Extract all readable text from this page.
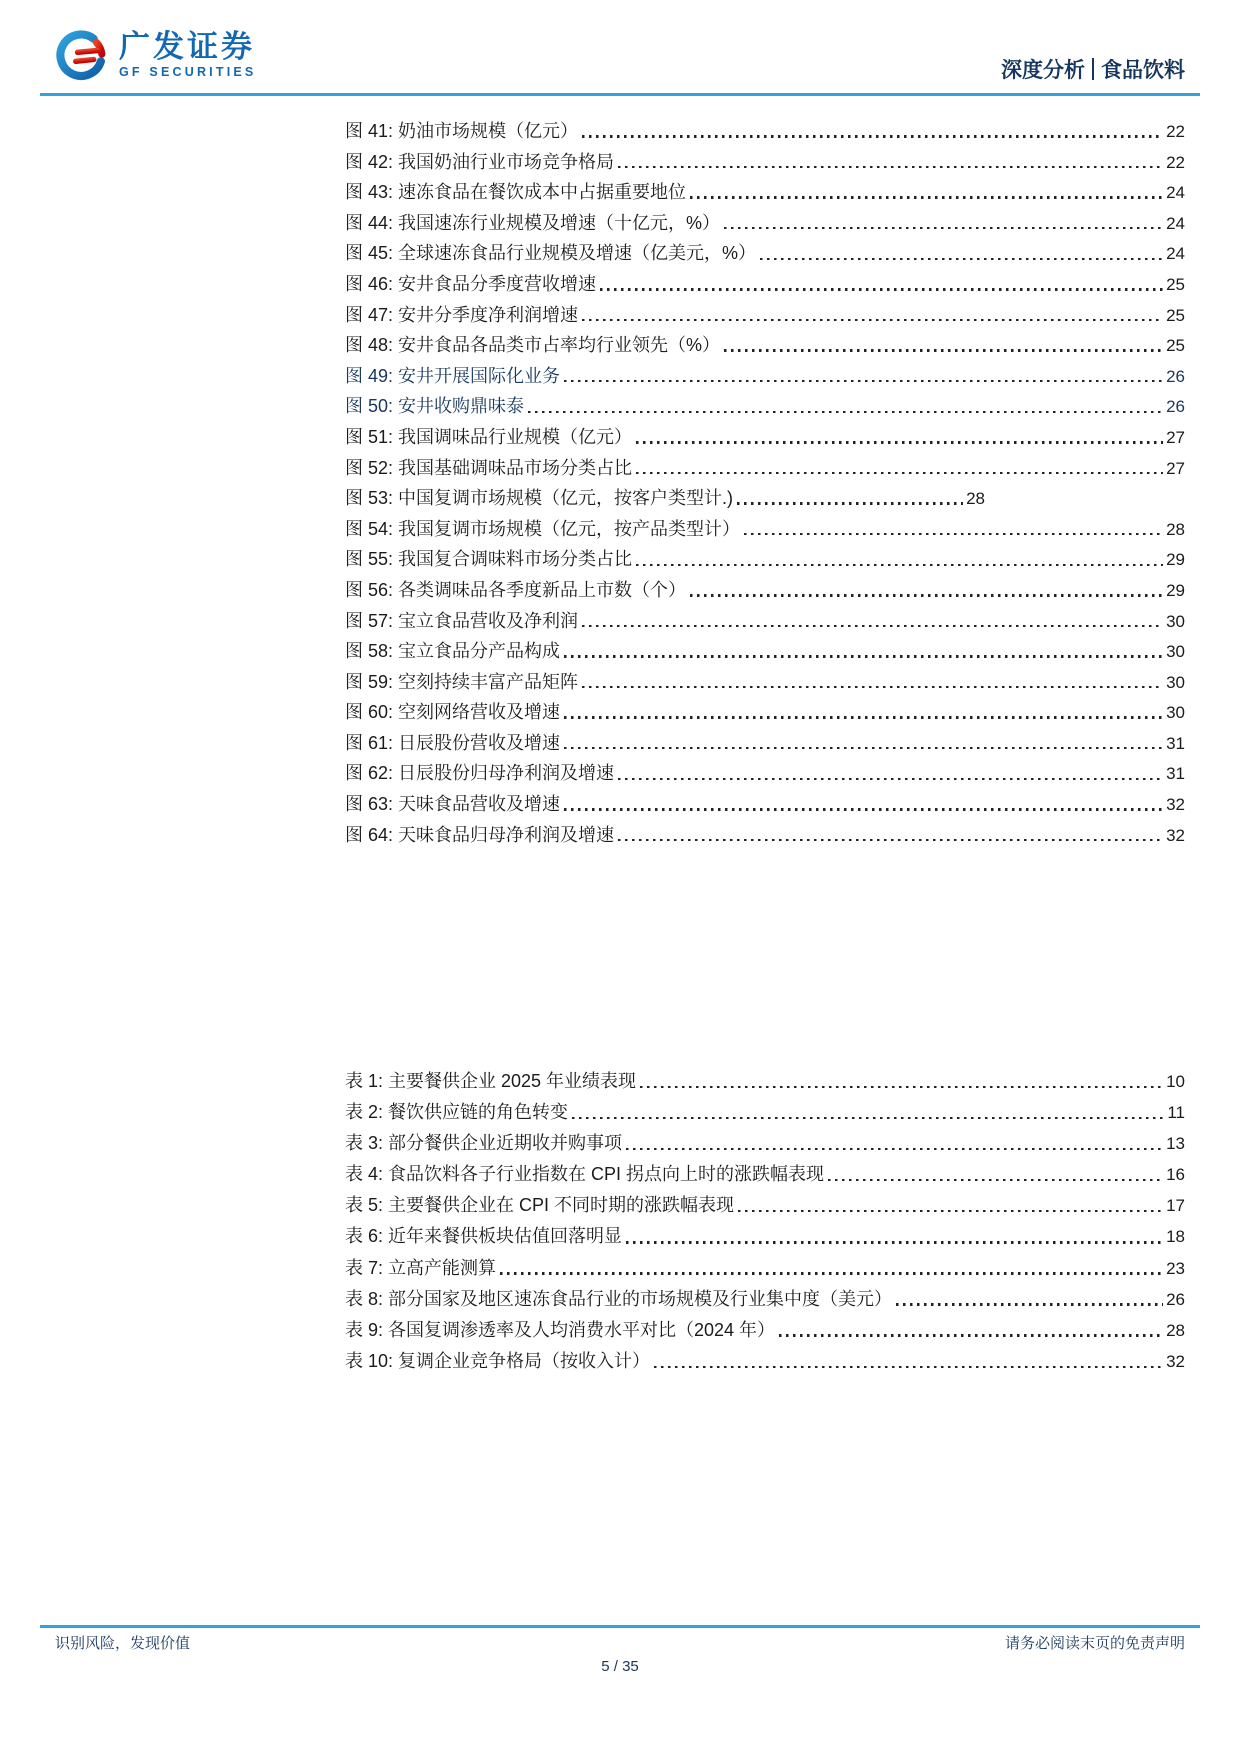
广发证券
GF SECURITIES	深度分析 食品饮料
图 41: 奶油市场规模（亿元）	22
图 42: 我国奶油行业市场竞争格局	22
图 43: 速冻食品在餐饮成本中占据重要地位	24
图 44: 我国速冻行业规模及增速（十亿元，%）	24
图 45: 全球速冻食品行业规模及增速（亿美元，%）	24
图 46: 安井食品分季度营收增速	25
图 47: 安井分季度净利润增速	25
图 48: 安井食品各品类市占率均行业领先（%）	25
图 49: 安井开展国际化业务	26
图 50: 安井收购鼎味泰	26
图 51: 我国调味品行业规模（亿元）	27
图 52: 我国基础调味品市场分类占比	27
图 53: 中国复调市场规模（亿元，按客户类型计.)	28
图 54: 我国复调市场规模（亿元，按产品类型计）	28
图 55: 我国复合调味料市场分类占比	29
图 56: 各类调味品各季度新品上市数（个）	29
图 57: 宝立食品营收及净利润	30
图 58: 宝立食品分产品构成	30
图 59: 空刻持续丰富产品矩阵	30
图 60: 空刻网络营收及增速	30
图 61: 日辰股份营收及增速	31
图 62: 日辰股份归母净利润及增速	31
图 63: 天味食品营收及增速	32
图 64: 天味食品归母净利润及增速	32
表 1: 主要餐供企业 2025 年业绩表现	10
表 2: 餐饮供应链的角色转变	11
表 3: 部分餐供企业近期收并购事项	13
表 4: 食品饮料各子行业指数在 CPI 拐点向上时的涨跌幅表现	16
表 5: 主要餐供企业在 CPI 不同时期的涨跌幅表现	17
表 6: 近年来餐供板块估值回落明显	18
表 7: 立高产能测算	23
表 8: 部分国家及地区速冻食品行业的市场规模及行业集中度（美元）	26
表 9: 各国复调渗透率及人均消费水平对比（2024 年）	28
表 10: 复调企业竞争格局（按收入计）	32
识别风险，发现价值	请务必阅读末页的免责声明
5 / 35
